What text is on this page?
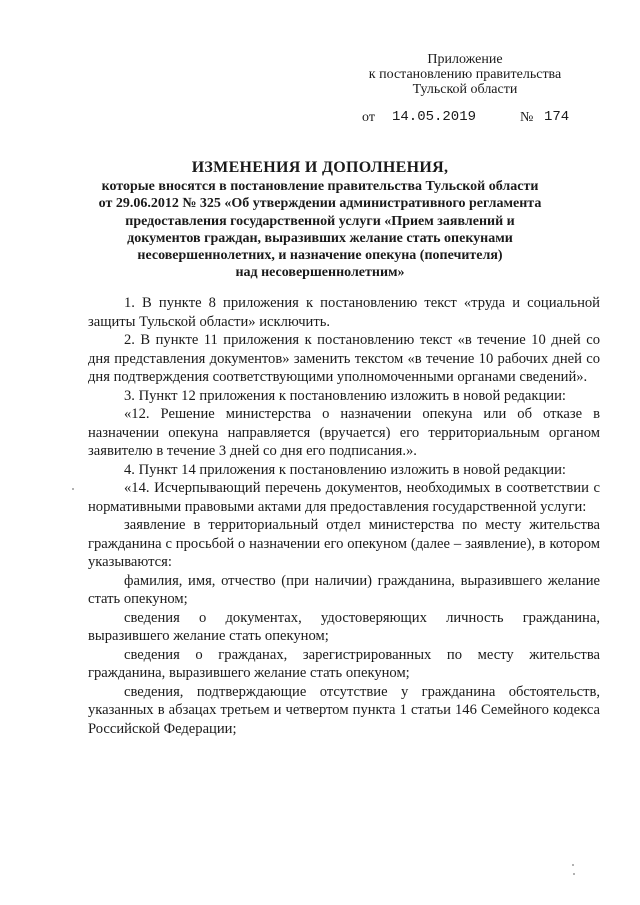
Приложение
к постановлению правительства
Тульской области
от 14.05.2019	№ 174
ИЗМЕНЕНИЯ И ДОПОЛНЕНИЯ,
которые вносятся в постановление правительства Тульской области
от 29.06.2012 № 325 «Об утверждении административного регламента
предоставления государственной услуги «Прием заявлений и
документов граждан, выразивших желание стать опекунами
несовершеннолетних, и назначение опекуна (попечителя)
над несовершеннолетним»

1. В пункте 8 приложения к постановлению текст «труда и социальной защиты Тульской области» исключить.

2. В пункте 11 приложения к постановлению текст «в течение 10 дней со дня представления документов» заменить текстом «в течение 10 рабочих дней со дня подтверждения соответствующими уполномоченными органами сведений».

3. Пункт 12 приложения к постановлению изложить в новой редакции:

«12. Решение министерства о назначении опекуна или об отказе в назначении опекуна направляется (вручается) его территориальным органом заявителю в течение 3 дней со дня его подписания.».

4. Пункт 14 приложения к постановлению изложить в новой редакции:

«14. Исчерпывающий перечень документов, необходимых в соответствии с нормативными правовыми актами для предоставления государственной услуги:

заявление в территориальный отдел министерства по месту жительства гражданина с просьбой о назначении его опекуном (далее – заявление), в котором указываются:

фамилия, имя, отчество (при наличии) гражданина, выразившего желание стать опекуном;

сведения о документах, удостоверяющих личность гражданина, выразившего желание стать опекуном;

сведения о гражданах, зарегистрированных по месту жительства гражданина, выразившего желание стать опекуном;

сведения, подтверждающие отсутствие у гражданина обстоятельств, указанных в абзацах третьем и четвертом пункта 1 статьи 146 Семейного кодекса Российской Федерации;
